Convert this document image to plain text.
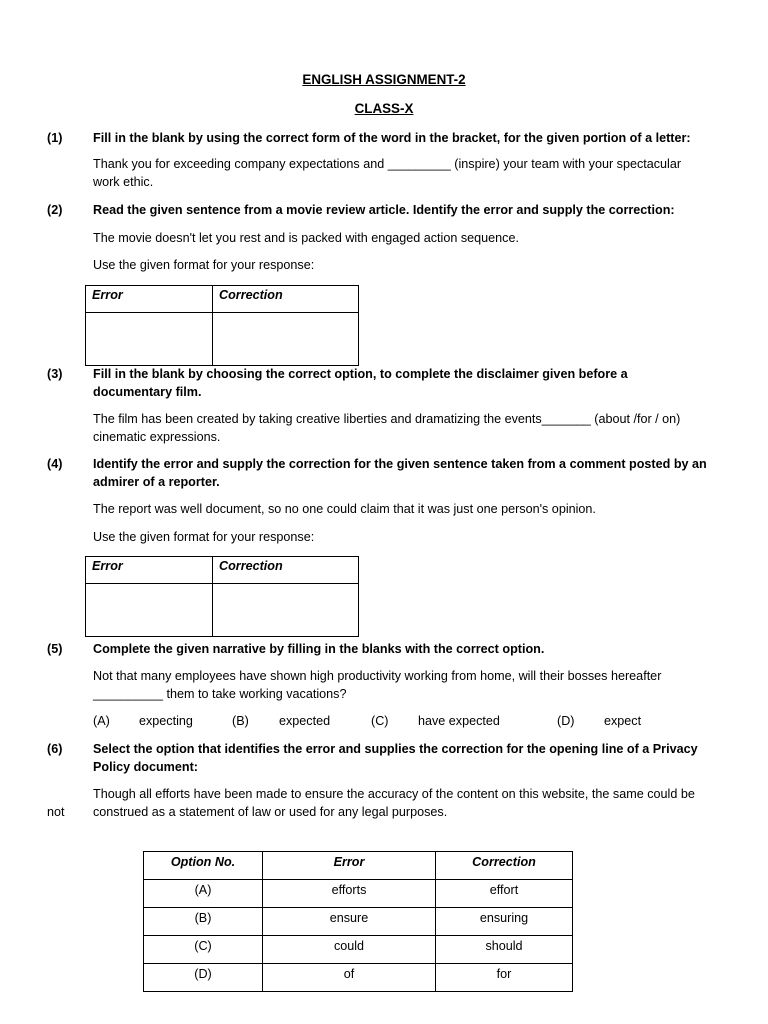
ENGLISH ASSIGNMENT-2
CLASS-X
(1) Fill in the blank by using the correct form of the word in the bracket, for the given portion of a letter:
Thank you for exceeding company expectations and _________ (inspire) your team with your spectacular work ethic.
(2) Read the given sentence from a movie review article. Identify the error and supply the correction:
The movie doesn't let you rest and is packed with engaged action sequence.
Use the given format for your response:
Error	Correction

(3) Fill in the blank by choosing the correct option, to complete the disclaimer given before a documentary film.
The film has been created by taking creative liberties and dramatizing the events_______ (about /for / on) cinematic expressions.
(4) Identify the error and supply the correction for the given sentence taken from a comment posted by an admirer of a reporter.
The report was well document, so no one could claim that it was just one person's opinion.
Use the given format for your response:
Error	Correction

(5) Complete the given narrative by filling in the blanks with the correct option.
Not that many employees have shown high productivity working from home, will their bosses hereafter __________ them to take working vacations?
(A) expecting	(B) expected	(C) have expected	(D) expect
(6) Select the option that identifies the error and supplies the correction for the opening line of a Privacy Policy document:
Though all efforts have been made to ensure the accuracy of the content on this website, the same could be construed as a statement of law or used for any legal purposes.
not
Option No.	Error	Correction
(A)	efforts	effort
(B)	ensure	ensuring
(C)	could	should
(D)	of	for
